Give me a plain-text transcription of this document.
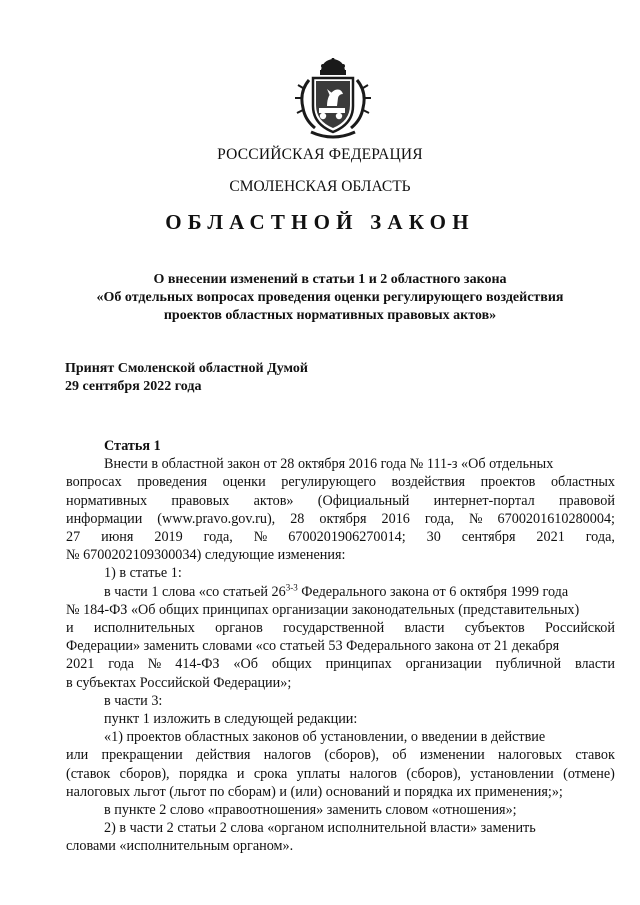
РОССИЙСКАЯ ФЕДЕРАЦИЯ
СМОЛЕНСКАЯ ОБЛАСТЬ
ОБЛАСТНОЙ ЗАКОН
О внесении изменений в статьи 1 и 2 областного закона
«Об отдельных вопросах проведения оценки регулирующего воздействия
проектов областных нормативных правовых актов»
Принят Смоленской областной Думой
29 сентября 2022 года
Статья 1
Внести в областной закон от 28 октября 2016 года № 111-з «Об отдельных
вопросах проведения оценки регулирующего воздействия проектов областных
нормативных правовых актов» (Официальный интернет-портал правовой
информации (www.pravo.gov.ru), 28 октября 2016 года, № 6700201610280004;
27 июня 2019 года, № 6700201906270014; 30 сентября 2021 года,
№ 6700202109300034) следующие изменения:
1) в статье 1:
в части 1 слова «со статьей 26$^{3-3}$ Федерального закона от 6 октября 1999 года
№ 184-ФЗ «Об общих принципах организации законодательных (представительных)
и исполнительных органов государственной власти субъектов Российской
Федерации» заменить словами «со статьей 53 Федерального закона от 21 декабря
2021 года № 414-ФЗ «Об общих принципах организации публичной власти
в субъектах Российской Федерации»;
в части 3:
пункт 1 изложить в следующей редакции:
«1) проектов областных законов об установлении, о введении в действие
или прекращении действия налогов (сборов), об изменении налоговых ставок
(ставок сборов), порядка и срока уплаты налогов (сборов), установлении (отмене)
налоговых льгот (льгот по сборам) и (или) оснований и порядка их применения;»;
в пункте 2 слово «правоотношения» заменить словом «отношения»;
2) в части 2 статьи 2 слова «органом исполнительной власти» заменить
словами «исполнительным органом».
